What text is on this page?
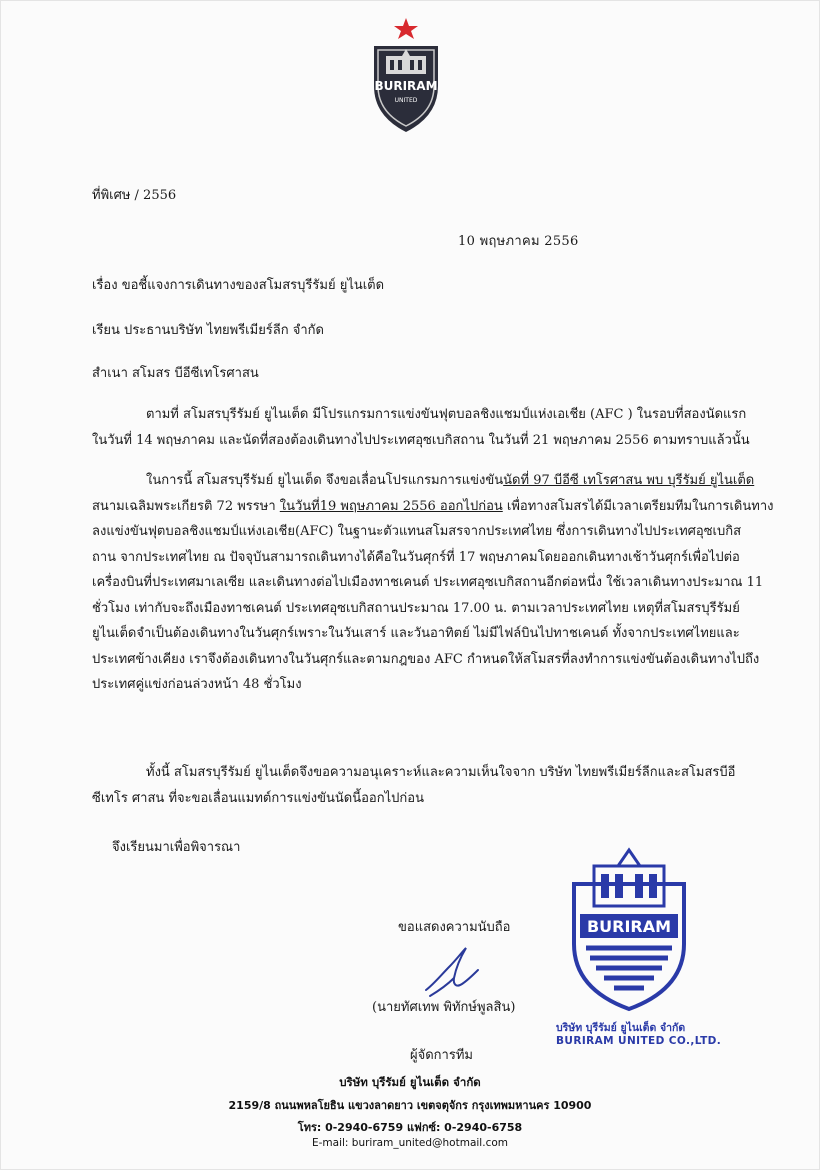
BURIRAM
UNITED
ที่พิเศษ / 2556
10 พฤษภาคม 2556
เรื่อง ขอชี้แจงการเดินทางของสโมสรบุรีรัมย์ ยูไนเต็ด
เรียน ประธานบริษัท ไทยพรีเมียร์ลีก จำกัด
สำเนา สโมสร บีอีซีเทโรศาสน
ตามที่ สโมสรบุรีรัมย์ ยูไนเต็ด มีโปรแกรมการแข่งขันฟุตบอลชิงแชมป์แห่งเอเชีย (AFC ) ในรอบที่สองนัดแรก
ในวันที่ 14 พฤษภาคม และนัดที่สองต้องเดินทางไปประเทศอุซเบกิสถาน ในวันที่ 21 พฤษภาคม 2556 ตามทราบแล้วนั้น
ในการนี้ สโมสรบุรีรัมย์ ยูไนเต็ด จึงขอเลื่อนโปรแกรมการแข่งขันนัดที่ 97 บีอีซี เทโรศาสน พบ บุรีรัมย์ ยูไนเต็ด
สนามเฉลิมพระเกียรติ 72 พรรษา ในวันที่19 พฤษภาคม 2556 ออกไปก่อน เพื่อทางสโมสรได้มีเวลาเตรียมทีมในการเดินทาง
ลงแข่งขันฟุตบอลชิงแชมป์แห่งเอเชีย(AFC) ในฐานะตัวแทนสโมสรจากประเทศไทย ซึ่งการเดินทางไปประเทศอุซเบกิส
ถาน จากประเทศไทย ณ ปัจจุบันสามารถเดินทางได้คือในวันศุกร์ที่ 17 พฤษภาคมโดยออกเดินทางเช้าวันศุกร์เพื่อไปต่อ
เครื่องบินที่ประเทศมาเลเซีย และเดินทางต่อไปเมืองทาชเคนต์ ประเทศอุซเบกิสถานอีกต่อหนึ่ง ใช้เวลาเดินทางประมาณ 11
ชั่วโมง เท่ากับจะถึงเมืองทาชเคนต์ ประเทศอุซเบกิสถานประมาณ 17.00 น. ตามเวลาประเทศไทย เหตุที่สโมสรบุรีรัมย์
ยูไนเต็ดจำเป็นต้องเดินทางในวันศุกร์เพราะในวันเสาร์ และวันอาทิตย์ ไม่มีไฟล์บินไปทาชเคนต์ ทั้งจากประเทศไทยและ
ประเทศข้างเคียง เราจึงต้องเดินทางในวันศุกร์และตามกฎของ AFC กำหนดให้สโมสรที่ลงทำการแข่งขันต้องเดินทางไปถึง
ประเทศคู่แข่งก่อนล่วงหน้า 48 ชั่วโมง
ทั้งนี้ สโมสรบุรีรัมย์ ยูไนเต็ดจึงขอความอนุเคราะห์และความเห็นใจจาก บริษัท ไทยพรีเมียร์ลีกและสโมสรบีอี
ซีเทโร ศาสน ที่จะขอเลื่อนแมทต์การแข่งขันนัดนี้ออกไปก่อน
จึงเรียนมาเพื่อพิจารณา
ขอแสดงความนับถือ
(นายทัศเทพ พิทักษ์พูลสิน)
ผู้จัดการทีม
BURIRAM
บริษัท บุรีรัมย์ ยูไนเต็ด จำกัด
BURIRAM UNITED CO.,LTD.
บริษัท บุรีรัมย์ ยูไนเต็ด จำกัด
2159/8 ถนนพหลโยธิน แขวงลาดยาว เขตจตุจักร กรุงเทพมหานคร 10900
โทร: 0-2940-6759 แฟกซ์: 0-2940-6758
E-mail: buriram_united@hotmail.com
